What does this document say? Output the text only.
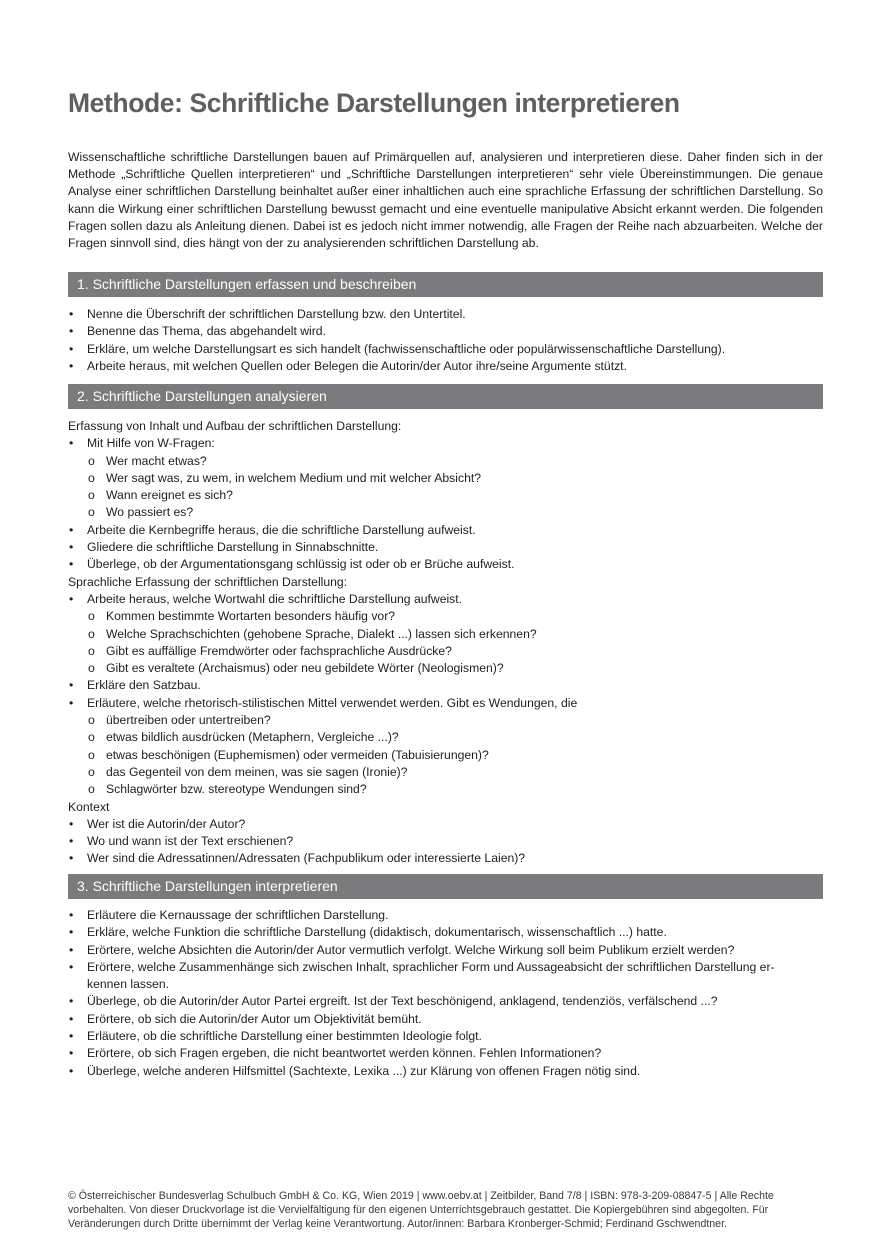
Methode: Schriftliche Darstellungen interpretieren

Wissenschaftliche schriftliche Darstellungen bauen auf Primärquellen auf, analysieren und interpretieren diese. Daher finden sich in der Methode „Schriftliche Quellen interpretieren“ und „Schriftliche Darstellungen interpretieren“ sehr viele Übereinstimmungen. Die genaue Analyse einer schriftlichen Darstellung beinhaltet außer einer inhaltlichen auch eine sprachliche Erfassung der schriftlichen Darstellung. So kann die Wirkung einer schriftlichen Darstellung bewusst gemacht und eine eventuelle manipulative Absicht erkannt werden. Die folgenden Fragen sollen dazu als Anleitung dienen. Dabei ist es jedoch nicht immer notwendig, alle Fragen der Reihe nach abzuarbeiten. Welche der Fragen sinnvoll sind, dies hängt von der zu analysierenden schriftlichen Darstellung ab.

1. Schriftliche Darstellungen erfassen und beschreiben
• Nenne die Überschrift der schriftlichen Darstellung bzw. den Untertitel.
• Benenne das Thema, das abgehandelt wird.
• Erkläre, um welche Darstellungsart es sich handelt (fachwissenschaftliche oder populärwissenschaftliche Darstellung).
• Arbeite heraus, mit welchen Quellen oder Belegen die Autorin/der Autor ihre/seine Argumente stützt.
2. Schriftliche Darstellungen analysieren
Erfassung von Inhalt und Aufbau der schriftlichen Darstellung:
• Mit Hilfe von W-Fragen:
o Wer macht etwas?
o Wer sagt was, zu wem, in welchem Medium und mit welcher Absicht?
o Wann ereignet es sich?
o Wo passiert es?
• Arbeite die Kernbegriffe heraus, die die schriftliche Darstellung aufweist.
• Gliedere die schriftliche Darstellung in Sinnabschnitte.
• Überlege, ob der Argumentationsgang schlüssig ist oder ob er Brüche aufweist.
Sprachliche Erfassung der schriftlichen Darstellung:
• Arbeite heraus, welche Wortwahl die schriftliche Darstellung aufweist.
o Kommen bestimmte Wortarten besonders häufig vor?
o Welche Sprachschichten (gehobene Sprache, Dialekt ...) lassen sich erkennen?
o Gibt es auffällige Fremdwörter oder fachsprachliche Ausdrücke?
o Gibt es veraltete (Archaismus) oder neu gebildete Wörter (Neologismen)?
• Erkläre den Satzbau.
• Erläutere, welche rhetorisch-stilistischen Mittel verwendet werden. Gibt es Wendungen, die
o übertreiben oder untertreiben?
o etwas bildlich ausdrücken (Metaphern, Vergleiche ...)?
o etwas beschönigen (Euphemismen) oder vermeiden (Tabuisierungen)?
o das Gegenteil von dem meinen, was sie sagen (Ironie)?
o Schlagwörter bzw. stereotype Wendungen sind?
Kontext
• Wer ist die Autorin/der Autor?
• Wo und wann ist der Text erschienen?
• Wer sind die Adressatinnen/Adressaten (Fachpublikum oder interessierte Laien)?
3. Schriftliche Darstellungen interpretieren
• Erläutere die Kernaussage der schriftlichen Darstellung.
• Erkläre, welche Funktion die schriftliche Darstellung (didaktisch, dokumentarisch, wissenschaftlich ...) hatte.
• Erörtere, welche Absichten die Autorin/der Autor vermutlich verfolgt. Welche Wirkung soll beim Publikum erzielt werden?
• Erörtere, welche Zusammenhänge sich zwischen Inhalt, sprachlicher Form und Aussageabsicht der schriftlichen Darstellung er- kennen lassen.
• Überlege, ob die Autorin/der Autor Partei ergreift. Ist der Text beschönigend, anklagend, tendenziös, verfälschend ...?
• Erörtere, ob sich die Autorin/der Autor um Objektivität bemüht.
• Erläutere, ob die schriftliche Darstellung einer bestimmten Ideologie folgt.
• Erörtere, ob sich Fragen ergeben, die nicht beantwortet werden können. Fehlen Informationen?
• Überlege, welche anderen Hilfsmittel (Sachtexte, Lexika ...) zur Klärung von offenen Fragen nötig sind.

© Österreichischer Bundesverlag Schulbuch GmbH & Co. KG, Wien 2019 | www.oebv.at | Zeitbilder, Band 7/8 | ISBN: 978-3-209-08847-5 | Alle Rechte vorbehalten. Von dieser Druckvorlage ist die Vervielfältigung für den eigenen Unterrichtsgebrauch gestattet. Die Kopiergebühren sind abgegolten. Für Veränderungen durch Dritte übernimmt der Verlag keine Verantwortung. Autor/innen: Barbara Kronberger-Schmid; Ferdinand Gschwendtner.
